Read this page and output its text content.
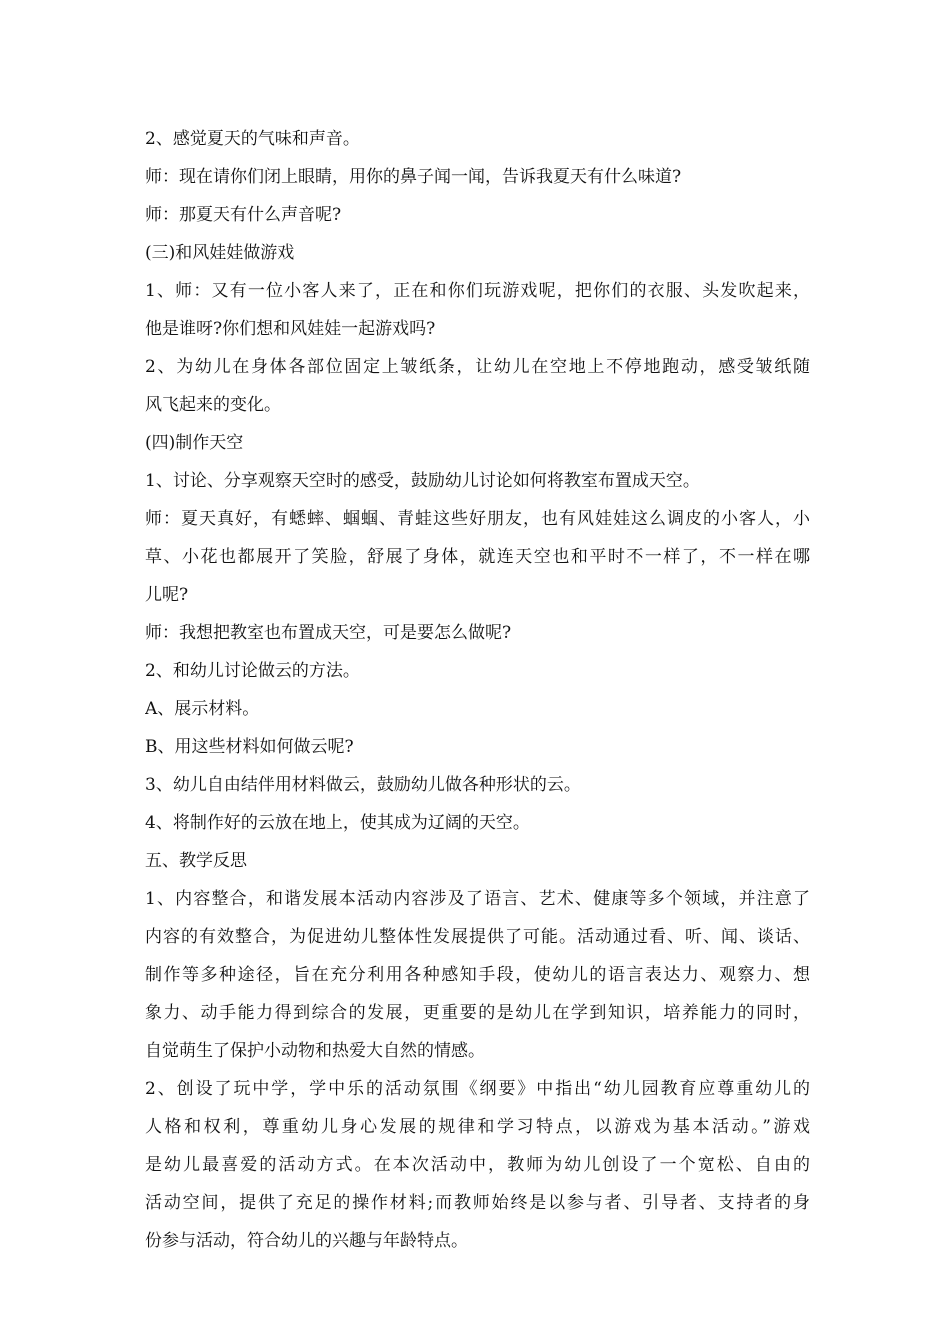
2、感觉夏天的气味和声音。
师：现在请你们闭上眼睛，用你的鼻子闻一闻，告诉我夏天有什么味道?
师：那夏天有什么声音呢?
(三)和风娃娃做游戏
1、师：又有一位小客人来了，正在和你们玩游戏呢，把你们的衣服、头发吹起来，
他是谁呀?你们想和风娃娃一起游戏吗?
2、为幼儿在身体各部位固定上皱纸条，让幼儿在空地上不停地跑动，感受皱纸随
风飞起来的变化。
(四)制作天空
1、讨论、分享观察天空时的感受，鼓励幼儿讨论如何将教室布置成天空。
师：夏天真好，有蟋蟀、蝈蝈、青蛙这些好朋友，也有风娃娃这么调皮的小客人，小
草、小花也都展开了笑脸，舒展了身体，就连天空也和平时不一样了，不一样在哪
儿呢?
师：我想把教室也布置成天空，可是要怎么做呢?
2、和幼儿讨论做云的方法。
A、展示材料。
B、用这些材料如何做云呢?
3、幼儿自由结伴用材料做云，鼓励幼儿做各种形状的云。
4、将制作好的云放在地上，使其成为辽阔的天空。
五、教学反思
1、内容整合，和谐发展本活动内容涉及了语言、艺术、健康等多个领域，并注意了
内容的有效整合，为促进幼儿整体性发展提供了可能。活动通过看、听、闻、谈话、
制作等多种途径，旨在充分利用各种感知手段，使幼儿的语言表达力、观察力、想
象力、动手能力得到综合的发展，更重要的是幼儿在学到知识，培养能力的同时，
自觉萌生了保护小动物和热爱大自然的情感。
2、创设了玩中学，学中乐的活动氛围《纲要》中指出“幼儿园教育应尊重幼儿的
人格和权利，尊重幼儿身心发展的规律和学习特点，以游戏为基本活动。”游戏
是幼儿最喜爱的活动方式。在本次活动中，教师为幼儿创设了一个宽松、自由的
活动空间，提供了充足的操作材料;而教师始终是以参与者、引导者、支持者的身
份参与活动，符合幼儿的兴趣与年龄特点。
